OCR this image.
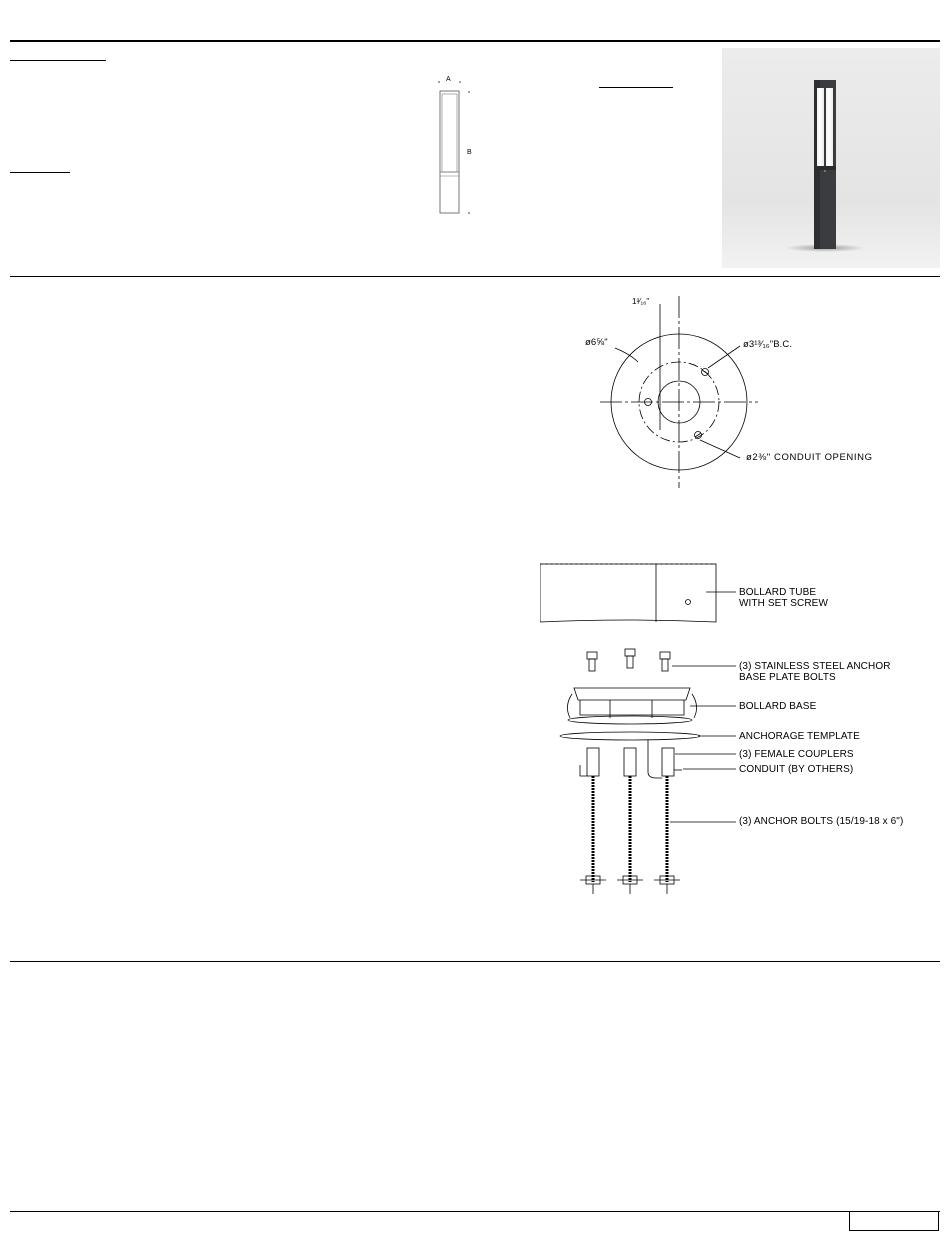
A
B
1³⁄₁₆"
ø6⅝"	ø3¹³⁄₁₆"B.C.
ø2⅜" CONDUIT OPENING
BOLLARD TUBE
WITH SET SCREW
(3) STAINLESS STEEL ANCHOR
BASE PLATE BOLTS
BOLLARD BASE
ANCHORAGE TEMPLATE
(3) FEMALE COUPLERS
CONDUIT (BY OTHERS)
(3) ANCHOR BOLTS (15/19-18 x 6")
